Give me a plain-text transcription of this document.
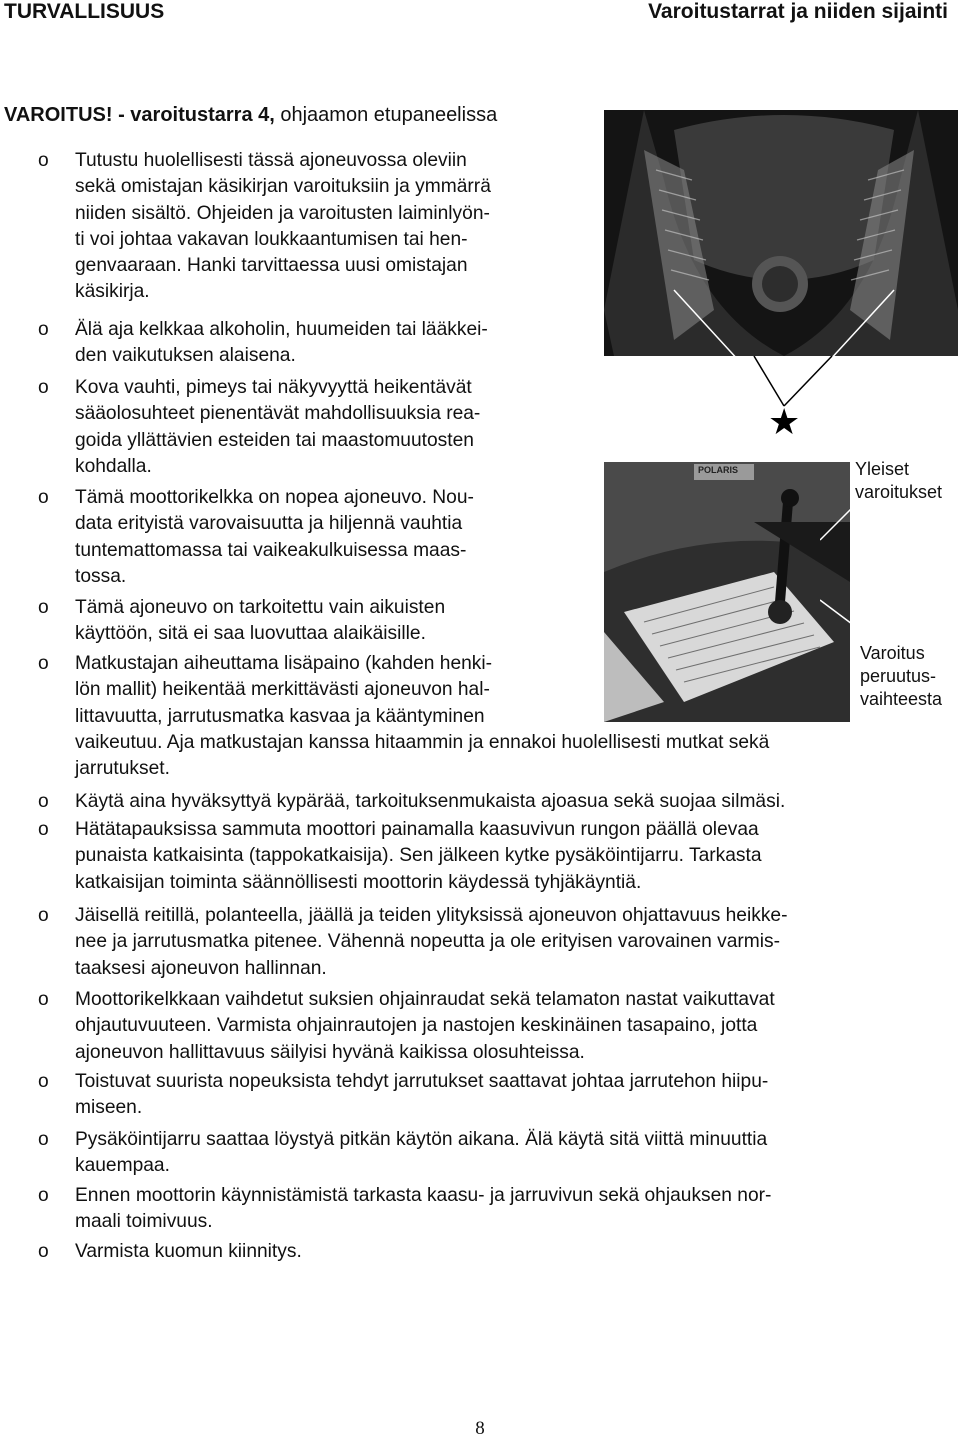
TURVALLISUUS	Varoitustarrat ja niiden sijainti
VAROITUS! - varoitustarra 4, ohjaamon etupaneelissa
o Tutustu huolellisesti tässä ajoneuvossa oleviin
sekä omistajan käsikirjan varoituksiin ja ymmärrä
niiden sisältö. Ohjeiden ja varoitusten laiminlyön-
ti voi johtaa vakavan loukkaantumisen tai hen-
genvaaraan. Hanki tarvittaessa uusi omistajan
käsikirja.
o Älä aja kelkkaa alkoholin, huumeiden tai lääkkei-
den vaikutuksen alaisena.
o Kova vauhti, pimeys tai näkyvyyttä heikentävät
sääolosuhteet pienentävät mahdollisuuksia rea-
goida yllättävien esteiden tai maastomuutosten
kohdalla.
o Tämä moottorikelkka on nopea ajoneuvo. Nou-
data erityistä varovaisuutta ja hiljennä vauhtia
tuntemattomassa tai vaikeakulkuisessa maas-
tossa.
o Tämä ajoneuvo on tarkoitettu vain aikuisten
käyttöön, sitä ei saa luovuttaa alaikäisille.
o Matkustajan aiheuttama lisäpaino (kahden henki-
lön mallit) heikentää merkittävästi ajoneuvon hal-
littavuutta, jarrutusmatka kasvaa ja kääntyminen
vaikeutuu. Aja matkustajan kanssa hitaammin ja ennakoi huolellisesti mutkat sekä
jarrutukset.
o Käytä aina hyväksyttyä kypärää, tarkoituksenmukaista ajoasua sekä suojaa silmäsi.
o Hätätapauksissa sammuta moottori painamalla kaasuvivun rungon päällä olevaa
punaista katkaisinta (tappokatkaisija). Sen jälkeen kytke pysäköintijarru. Tarkasta
katkaisijan toiminta säännöllisesti moottorin käydessä tyhjäkäyntiä.
o Jäisellä reitillä, polanteella, jäällä ja teiden ylityksissä ajoneuvon ohjattavuus heikke-
nee ja jarrutusmatka pitenee. Vähennä nopeutta ja ole erityisen varovainen varmis-
taaksesi ajoneuvon hallinnan.
o Moottorikelkkaan vaihdetut suksien ohjainraudat sekä telamaton nastat vaikuttavat
ohjautuvuuteen. Varmista ohjainrautojen ja nastojen keskinäinen tasapaino, jotta
ajoneuvon hallittavuus säilyisi hyvänä kaikissa olosuhteissa.
o Toistuvat suurista nopeuksista tehdyt jarrutukset saattavat johtaa jarrutehon hiipu-
miseen.
o Pysäköintijarru saattaa löystyä pitkän käytön aikana. Älä käytä sitä viittä minuuttia
kauempaa.
o Ennen moottorin käynnistämistä tarkasta kaasu- ja jarruvivun sekä ohjauksen nor-
maali toimivuus.
o Varmista kuomun kiinnitys.
★
POLARIS	Yleiset
varoitukset
Varoitus
peruutus-
vaihteesta
8
